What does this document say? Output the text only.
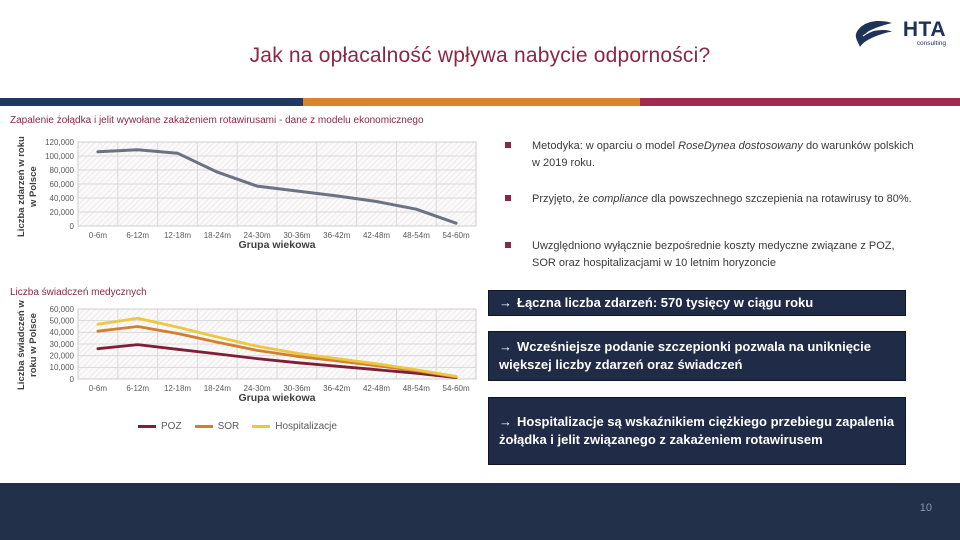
Jak na opłacalność wpływa nabycie odporności?
HTA
consulting
Zapalenie żołądka i jelit wywołane zakażeniem rotawirusami - dane z modelu ekonomicznego
Liczba zdarzeń w roku w Polsce
0
20,000
40,000
60,000
80,000
100,000
120,000
0-6m 6-12m 12-18m 18-24m 24-30m 30-36m 36-42m 42-48m 48-54m 54-60m
Grupa wiekowa
Liczba świadczeń medycznych
Liczba świadczeń w roku w Polsce
0
10,000
20,000
30,000
40,000
50,000
60,000
0-6m 6-12m 12-18m 18-24m 24-30m 30-36m 36-42m 42-48m 48-54m 54-60m
Grupa wiekowa
POZ	SOR	Hospitalizacje
Metodyka: w oparciu o model RoseDynea dostosowany do warunków polskich w 2019 roku.
Przyjęto, że compliance dla powszechnego szczepienia na rotawirusy to 80%.
Uwzględniono wyłącznie bezpośrednie koszty medyczne związane z POZ, SOR oraz hospitalizacjami w 10 letnim horyzoncie
→ Łączna liczba zdarzeń: 570 tysięcy w ciągu roku
→ Wcześniejsze podanie szczepionki pozwala na uniknięcie większej liczby zdarzeń oraz świadczeń
→ Hospitalizacje są wskaźnikiem ciężkiego przebiegu zapalenia żołądka i jelit związanego z zakażeniem rotawirusem
10
